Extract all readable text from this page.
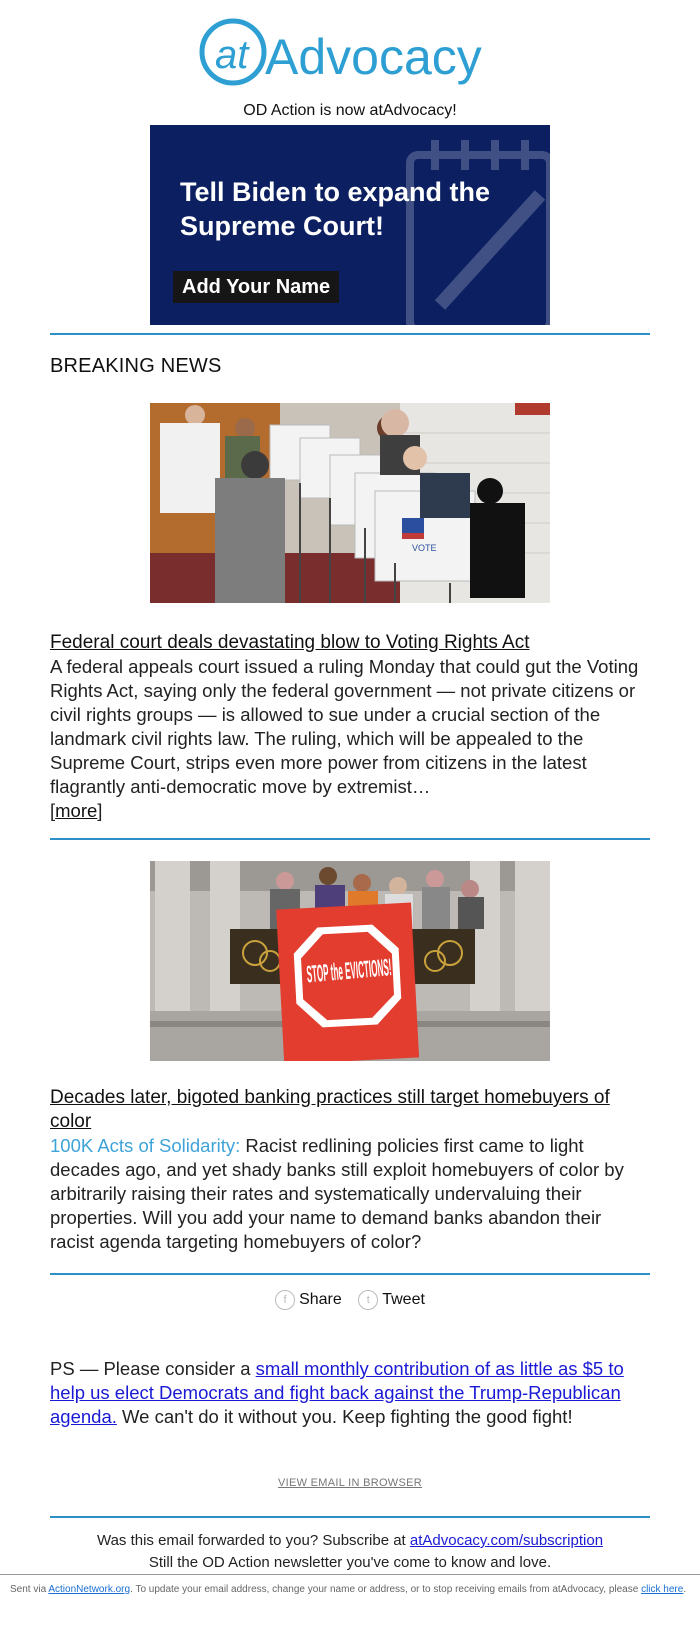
at Advocacy
OD Action is now atAdvocacy!
Tell Biden to expand the
Supreme Court!
Add Your Name
BREAKING NEWS
VOTE
Federal court deals devastating blow to Voting Rights Act
A federal appeals court issued a ruling Monday that could gut the Voting Rights Act, saying only the federal government — not private citizens or civil rights groups — is allowed to sue under a crucial section of the landmark civil rights law. The ruling, which will be appealed to the Supreme Court, strips even more power from citizens in the latest flagrantly anti-democratic move by extremist…
[more]
Decades later, bigoted banking practices still target homebuyers of color
100K Acts of Solidarity: Racist redlining policies first came to light decades ago, and yet shady banks still exploit homebuyers of color by arbitrarily raising their rates and systematically undervaluing their properties. Will you add your name to demand banks abandon their racist agenda targeting homebuyers of color?
f Share
	t Tweet
PS — Please consider a small monthly contribution of as little as $5 to help us elect Democrats and fight back against the Trump-Republican agenda. We can't do it without you. Keep fighting the good fight!
VIEW EMAIL IN BROWSER
Was this email forwarded to you? Subscribe at atAdvocacy.com/subscription
Still the OD Action newsletter you've come to know and love.
Sent via ActionNetwork.org. To update your email address, change your name or address, or to stop receiving emails from atAdvocacy, please click here.
